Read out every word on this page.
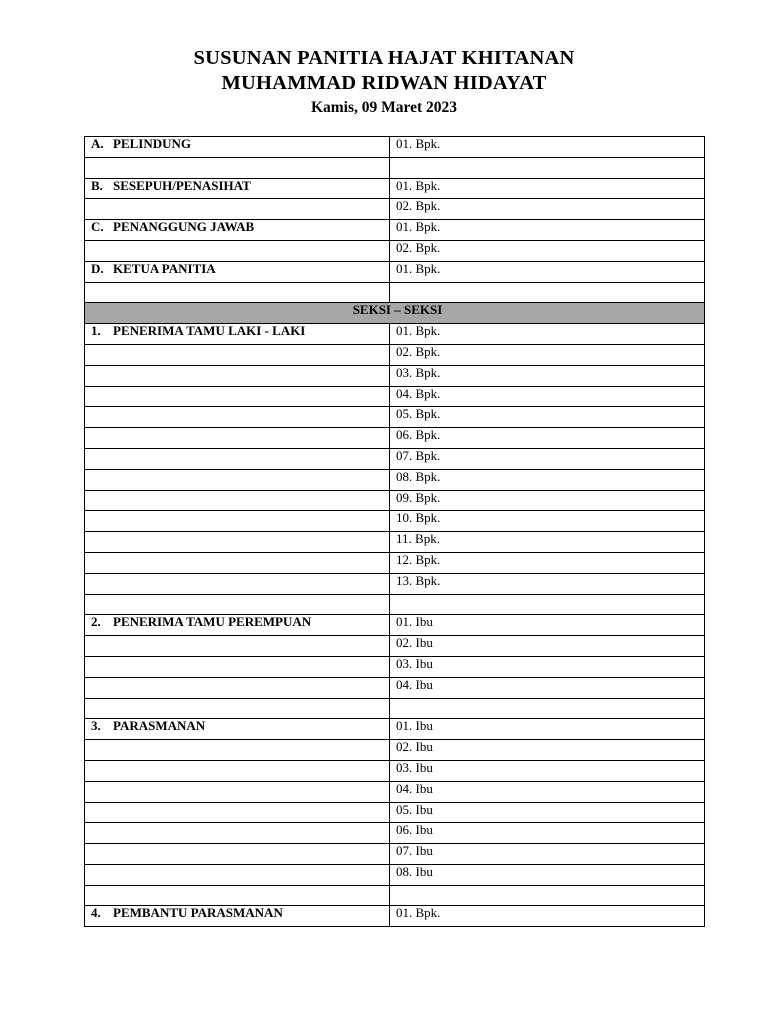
SUSUNAN PANITIA HAJAT KHITANAN
MUHAMMAD RIDWAN HIDAYAT
Kamis, 09 Maret 2023
A. PELINDUNG	01. Bpk.

B. SESEPUH/PENASIHAT	01. Bpk.
	02. Bpk.
C. PENANGGUNG JAWAB	01. Bpk.
	02. Bpk.
D. KETUA PANITIA	01. Bpk.

SEKSI – SEKSI	
1. PENERIMA TAMU LAKI - LAKI	01. Bpk.
	02. Bpk.
	03. Bpk.
	04. Bpk.
	05. Bpk.
	06. Bpk.
	07. Bpk.
	08. Bpk.
	09. Bpk.
	10. Bpk.
	11. Bpk.
	12. Bpk.
	13. Bpk.

2. PENERIMA TAMU PEREMPUAN	01. Ibu
	02. Ibu
	03. Ibu
	04. Ibu

3. PARASMANAN	01. Ibu
	02. Ibu
	03. Ibu
	04. Ibu
	05. Ibu
	06. Ibu
	07. Ibu
	08. Ibu

4. PEMBANTU PARASMANAN	01. Bpk.
